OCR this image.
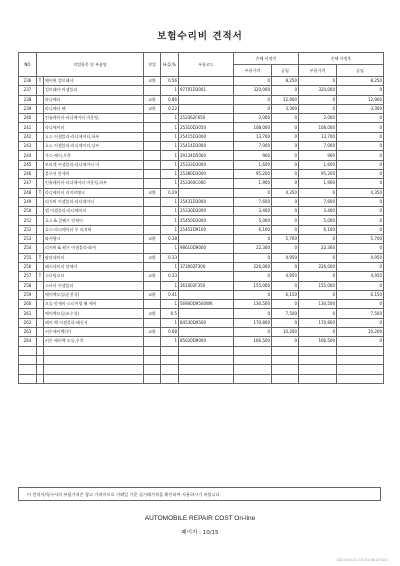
보험수리비 견적서
NO	작업항목 및 부품명		작업	H,Q,%	부품코드	손해 사정전		손해 사정후	
						부품가격	공임	부품가격	공임
236	T	헤어핀 컵브래샤	교환	0.56		0	8,250	0	8,250
237		컵브래샤 어셈블리		1	97701D3001	320,000	0	320,000	0
238		라디에터	교환	0.86		0	12,900	0	12,900
239		라디에터 팬	교환	0.22		0	3,300	0	3,300
240		인슐레이터-라디에이터 마운팅,		1	253362F650	2,000	0	2,000	0
241		라디에이터		1	25310D3050	108,000	0	108,000	0
242		호스 어셈블리-라디에이터,하부		1	25415D3000	13,700	0	13,700	0
243		호스 어셈블리-라디에이터,상부		1	25414D3000	7,000	0	7,000	0
244		가드-에어,우측		1	29134D5000	900	0	900	0
245		브라켓 어셈블리-라디에이터 마		1	25333D3000	1,600	0	1,600	0
246		블로어 앗세이		1	25380D3000	95,200	0	95,200	0
247		인슐레이터-라디에이터 마운팅,하부		1	253360C000	1,900	0	1,900	0
248	T	라디에이터 리저브탱크	교환	0.29		0	4,350	0	4,350
249		리저버 어셈블리-라디에이터		1	25431D3000	7,600	0	7,600	0
250		캡 어셈블리-라디에이터		1	25330D3000	3,400	0	3,400	0
251		호스 & 클램프 앗세이		1	25450D3000	5,000	0	5,000	0
252		호스-라디에이터 투 리저버		1	25451D9100	6,100	0	6,100	0
253		와셔탱크	교환	0.38		0	5,700	0	5,700
254		리저버 & 펌프 어셈블리-와셔		1	98610D9000	22,300	0	22,300	0
255	T	팔라데이터	교환	0.33		0	4,950	0	4,950
256		패시데이터 앗세이		1	37300ZF300	226,000	0	226,000	0
257	T	스타팅모터	교환	0.33		0	4,950	0	4,950
258		스타터 어셈블리		1	361002F350	155,000	0	155,000	0
259		에어백모듈(운전석)	교환	0.41		0	6,150	0	6,150
260		모듈 앗세이-스티어링 휠 에어		1	56900D9500WK	130,500	0	130,500	0
261		에어백모듈(조수석)	교환	0.5		0	7,500	0	7,500
262		페어 백 어셈블리-패신저		1	84530D9500	170,800	0	170,800	0
263		커튼에어백(우)	교환	0.68		0	10,200	0	10,200
264		커튼 에어백 모듈,우측		1	85020D9000	166,500	0	166,500	0

이 견적서/청구서의 부품가격은 참고 가격이므로 거래일 기준 실거래가격을 확인하여 사용하시기 바랍니다.
AUTOMOBILE REPAIR COST On-line
페이지 : 10/15
2024-05-02 15:31:48 47(24)
